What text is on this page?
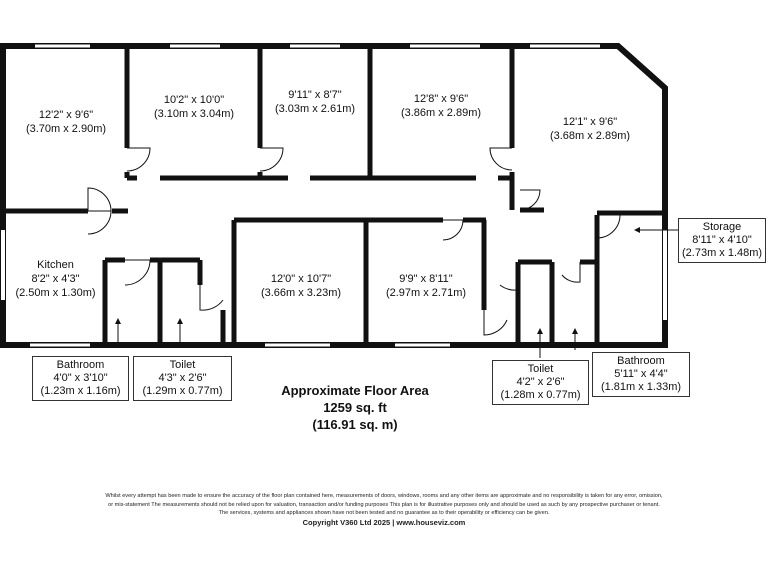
12'2" x 9'6"
(3.70m x 2.90m)
10'2" x 10'0"
(3.10m x 3.04m)
9'11" x 8'7"
(3.03m x 2.61m)
12'8" x 9'6"
(3.86m x 2.89m)
12'1" x 9'6"
(3.68m x 2.89m)
Kitchen
8'2" x 4'3"
(2.50m x 1.30m)
12'0" x 10'7"
(3.66m x 3.23m)
9'9" x 8'11"
(2.97m x 2.71m)
Storage
8'11" x 4'10"
(2.73m x 1.48m)
Bathroom
4'0" x 3'10"
(1.23m x 1.16m)
Toilet
4'3" x 2'6"
(1.29m x 0.77m)
Toilet
4'2" x 2'6"
(1.28m x 0.77m)
Bathroom
5'11" x 4'4"
(1.81m x 1.33m)
Approximate Floor Area
1259 sq. ft
(116.91 sq. m)
Whilst every attempt has been made to ensure the accuracy of the floor plan contained here, measurements of doors, windows, rooms and any other items are approximate and no responsibility is taken for any error, omission,
or mis-statement The measurements should not be relied upon for valuation, transaction and/or funding purposes This plan is for illustrative purposes only and should be used as such by any prospective purchaser or tenant.
The services, systems and appliances shown have not been tested and no guarantee as to their operability or efficiency can be given.
Copyright V360 Ltd 2025 | www.houseviz.com
